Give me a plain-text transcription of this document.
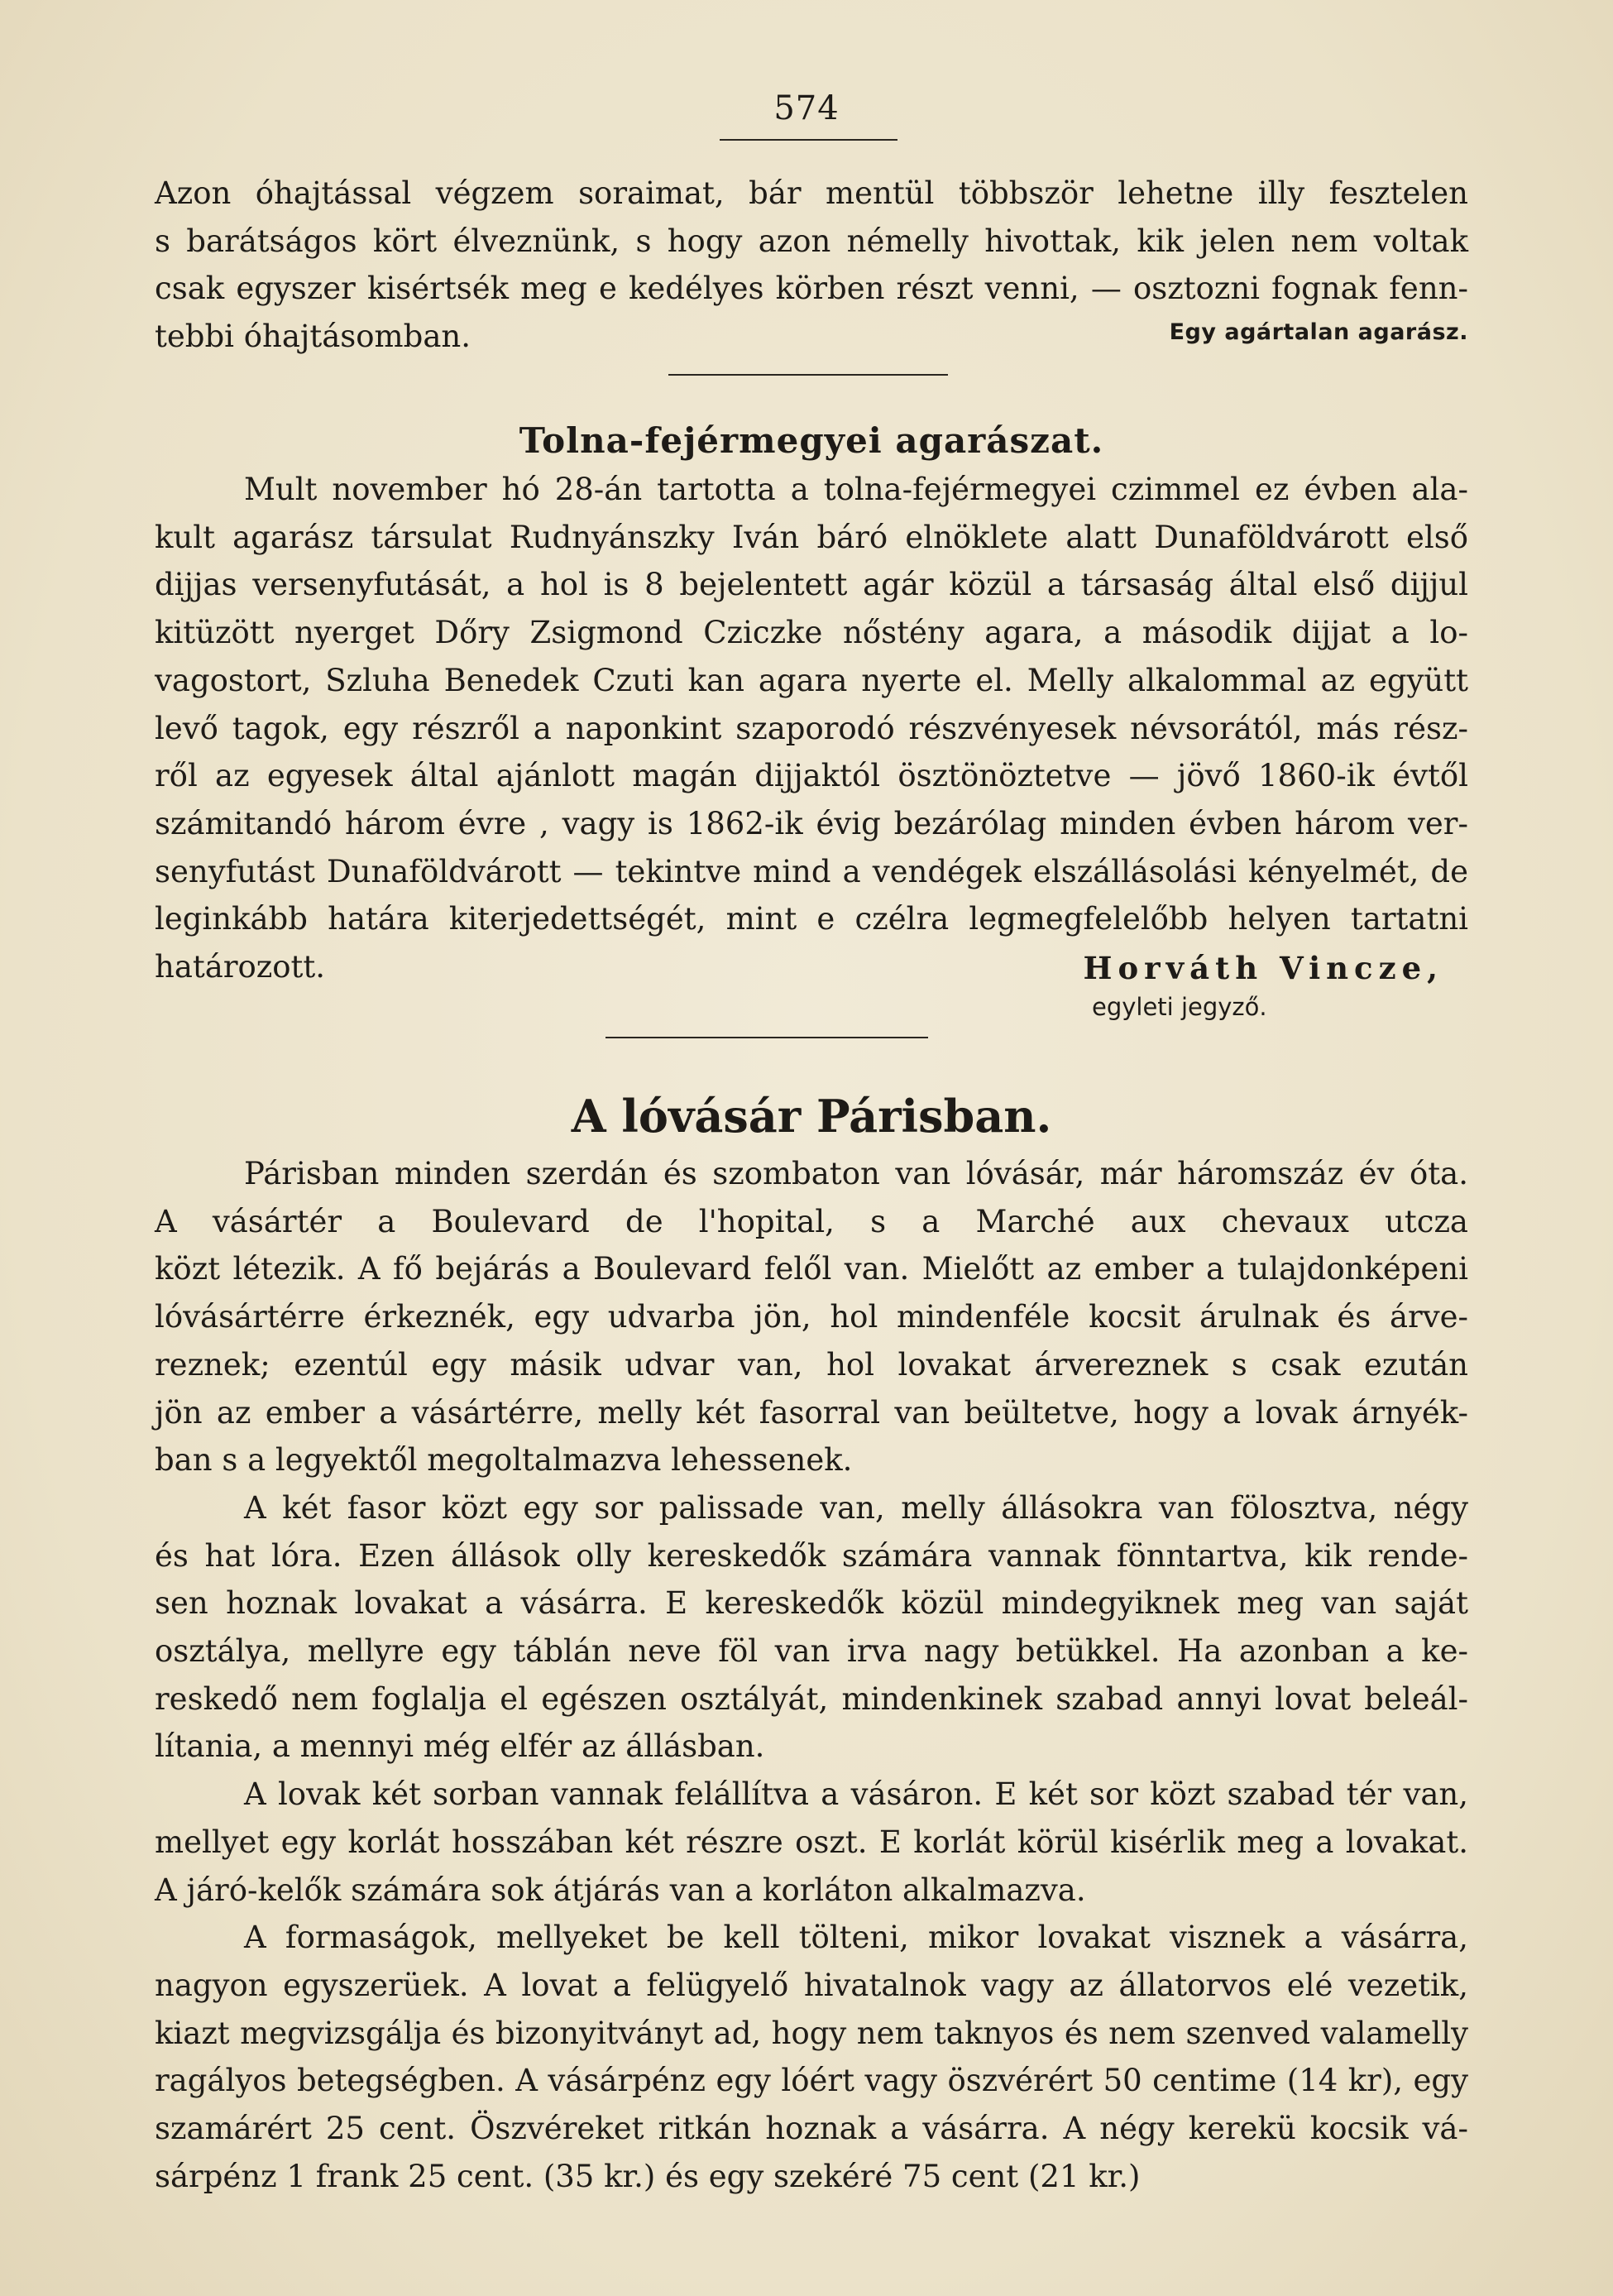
574

Azon óhajtással végzem soraimat, bár mentül többször lehetne illy fesztelen

s barátságos kört élveznünk, s hogy azon némelly hivottak, kik jelen nem voltak

csak egyszer kisértsék meg e kedélyes körben részt venni, — osztozni fognak fenn-

tebbi óhajtásomban.	Egy agártalan agarász.
Tolna-fejérmegyei agarászat.

Mult november hó 28-án tartotta a tolna-fejérmegyei czimmel ez évben ala-

kult agarász társulat Rudnyánszky Iván báró elnöklete alatt Dunaföldvárott első

dijjas versenyfutását, a hol is 8 bejelentett agár közül a társaság által első dijjul

kitüzött nyerget Dőry Zsigmond Cziczke nőstény agara, a második dijjat a lo-

vagostort, Szluha Benedek Czuti kan agara nyerte el. Melly alkalommal az együtt

levő tagok, egy részről a naponkint szaporodó részvényesek névsorától, más rész-

ről az egyesek által ajánlott magán dijjaktól ösztönöztetve — jövő 1860-ik évtől

számitandó három évre , vagy is 1862-ik évig bezárólag minden évben három ver-

senyfutást Dunaföldvárott — tekintve mind a vendégek elszállásolási kényelmét, de

leginkább határa kiterjedettségét, mint e czélra legmegfelelőbb helyen tartatni

határozott.	Horváth Vincze,
egyleti jegyző.
A lóvásár Párisban.

Párisban minden szerdán és szombaton van lóvásár, már háromszáz év óta.

A vásártér a Boulevard de l'hopital, s a Marché aux chevaux utcza

közt létezik. A fő bejárás a Boulevard felől van. Mielőtt az ember a tulajdonképeni

lóvásártérre érkeznék, egy udvarba jön, hol mindenféle kocsit árulnak és árve-

reznek; ezentúl egy másik udvar van, hol lovakat árvereznek s csak ezután

jön az ember a vásártérre, melly két fasorral van beültetve, hogy a lovak árnyék-

ban s a legyektől megoltalmazva lehessenek.

A két fasor közt egy sor palissade van, melly állásokra van fölosztva, négy

és hat lóra. Ezen állások olly kereskedők számára vannak fönntartva, kik rende-

sen hoznak lovakat a vásárra. E kereskedők közül mindegyiknek meg van saját

osztálya, mellyre egy táblán neve föl van irva nagy betükkel. Ha azonban a ke-

reskedő nem foglalja el egészen osztályát, mindenkinek szabad annyi lovat beleál-

lítania, a mennyi még elfér az állásban.

A lovak két sorban vannak felállítva a vásáron. E két sor közt szabad tér van,

mellyet egy korlát hosszában két részre oszt. E korlát körül kisérlik meg a lovakat.

A járó-kelők számára sok átjárás van a korláton alkalmazva.

A formaságok, mellyeket be kell tölteni, mikor lovakat visznek a vásárra,

nagyon egyszerüek. A lovat a felügyelő hivatalnok vagy az állatorvos elé vezetik,

kiazt megvizsgálja és bizonyitványt ad, hogy nem taknyos és nem szenved valamelly

ragályos betegségben. A vásárpénz egy lóért vagy öszvérért 50 centime (14 kr), egy

szamárért 25 cent. Öszvéreket ritkán hoznak a vásárra. A négy kerekü kocsik vá-

sárpénz 1 frank 25 cent. (35 kr.) és egy szekéré 75 cent (21 kr.)
